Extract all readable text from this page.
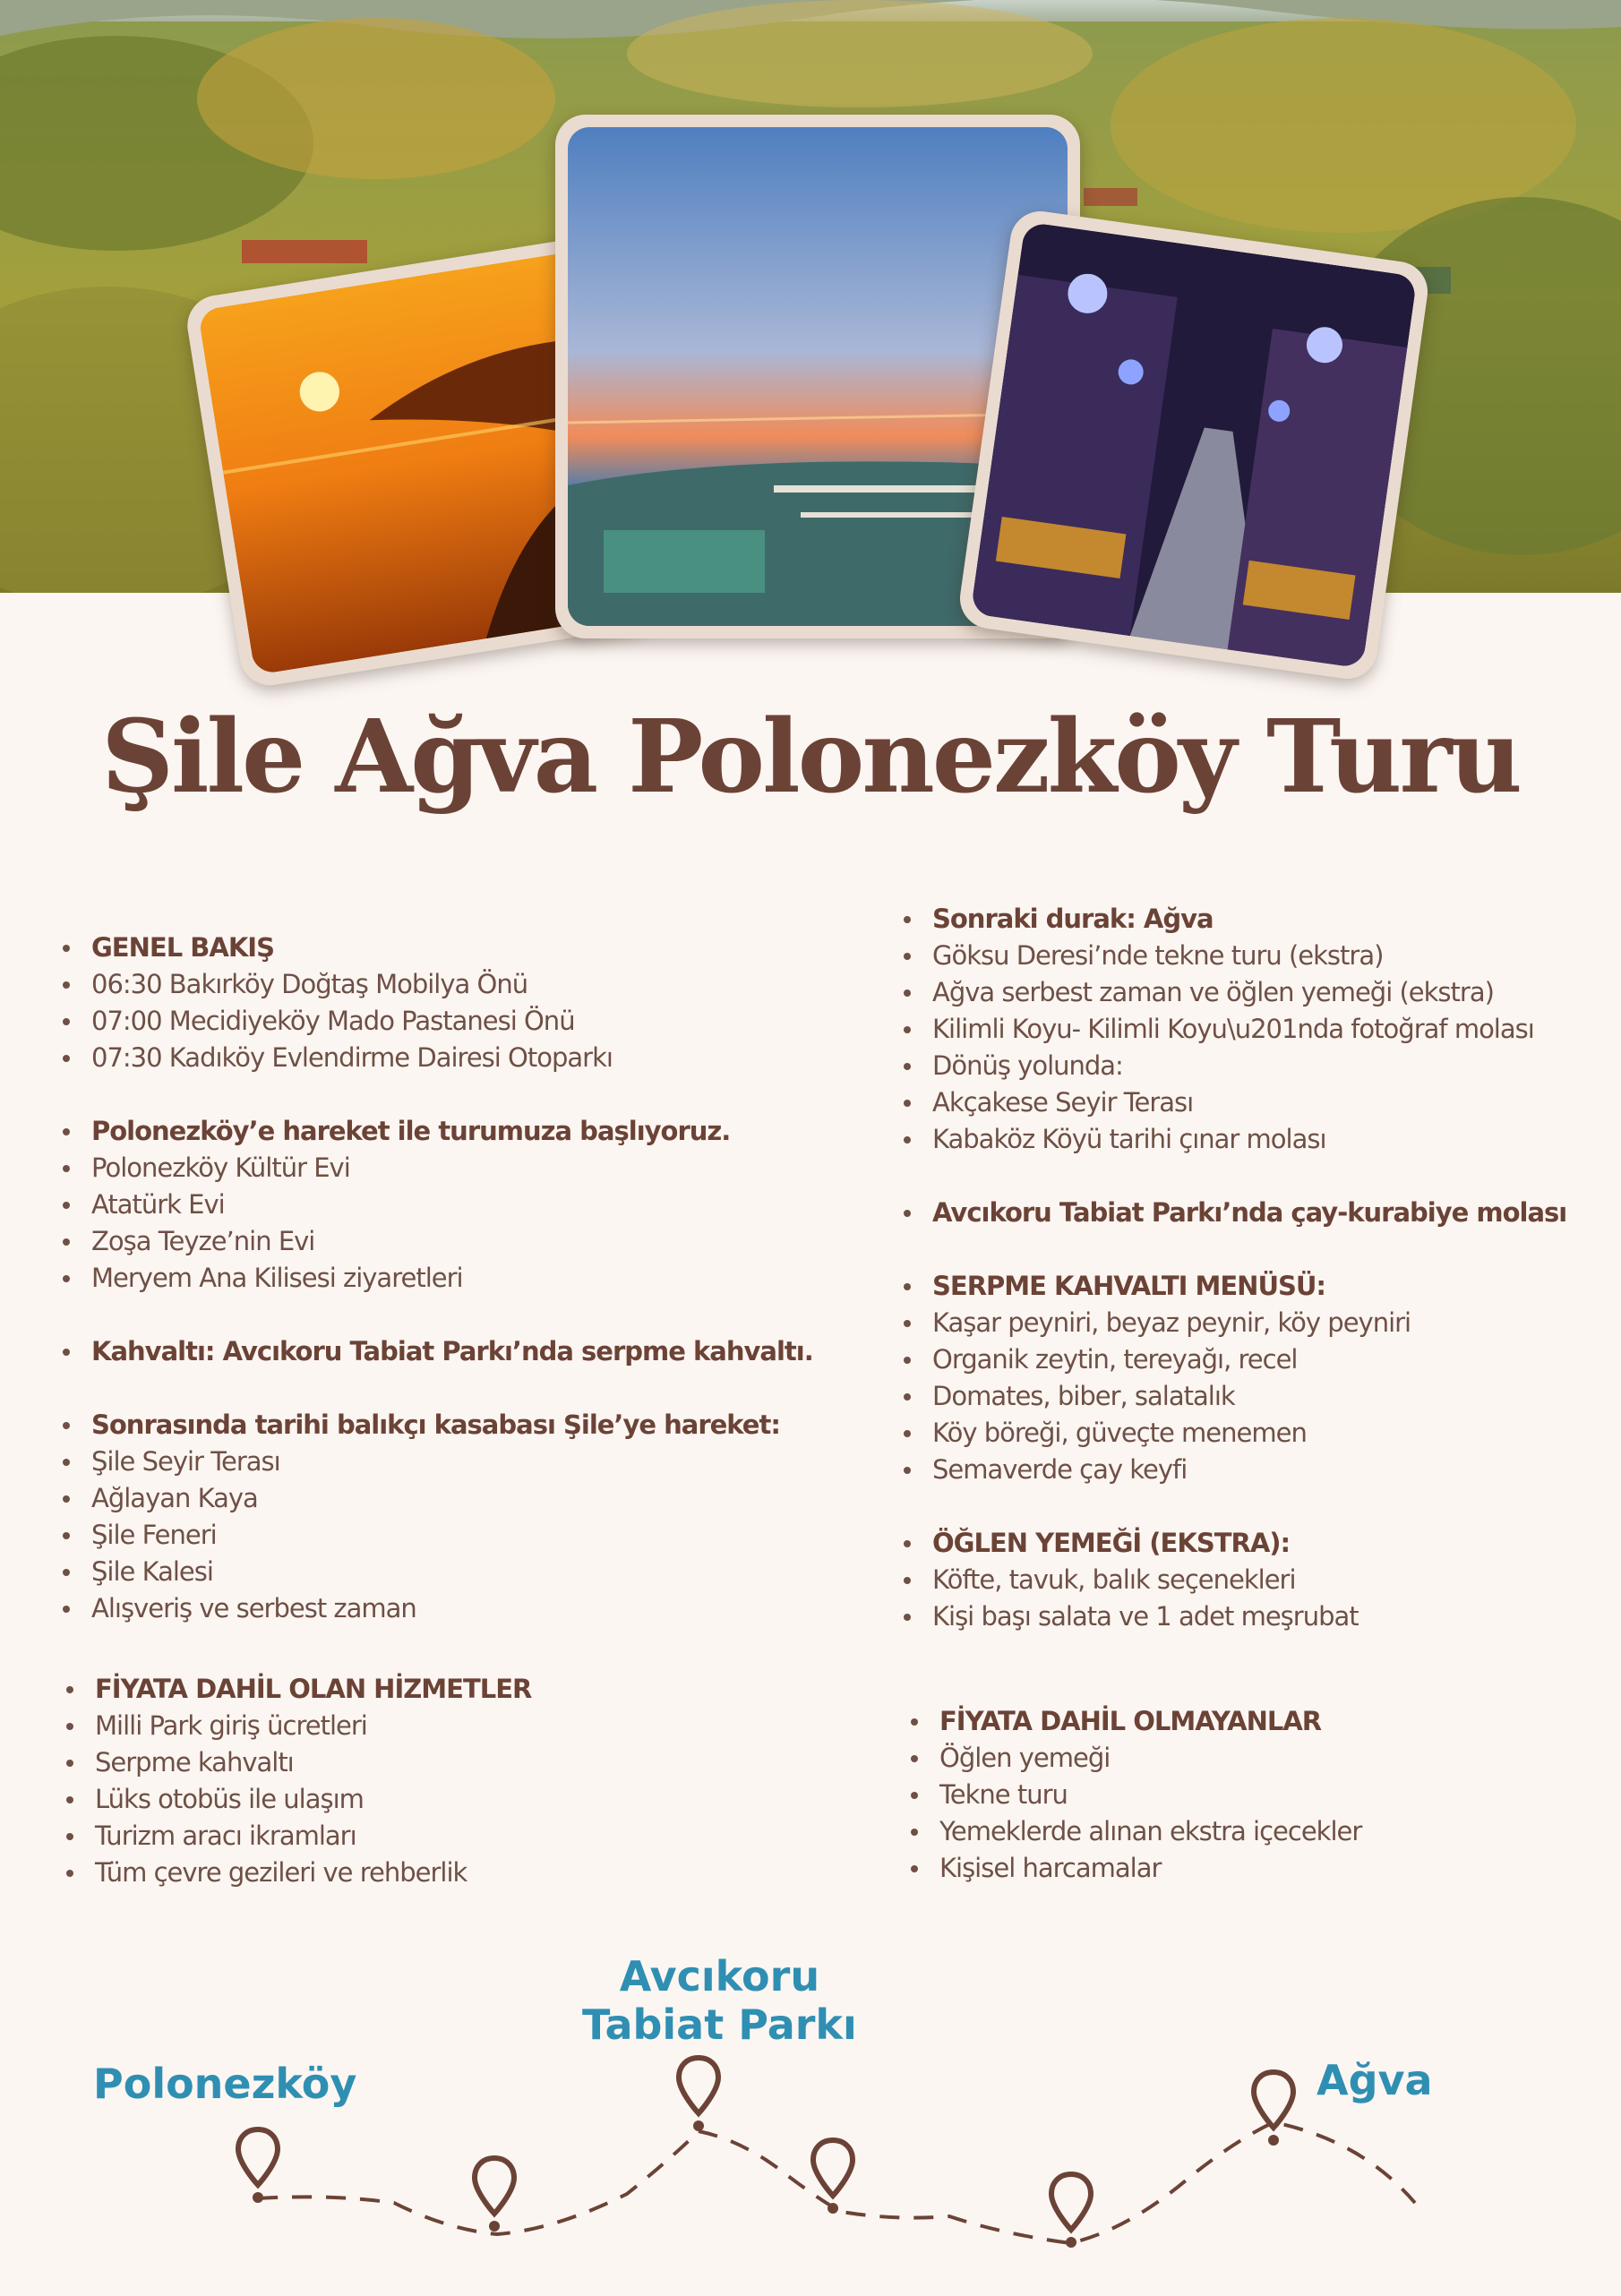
Şile Ağva Polonezköy Turu
GENEL BAKIŞ
06:30 Bakırköy Doğtaş Mobilya Önü
07:00 Mecidiyeköy Mado Pastanesi Önü
07:30 Kadıköy Evlendirme Dairesi Otoparkı
Polonezköy’e hareket ile turumuza başlıyoruz.
Polonezköy Kültür Evi
Atatürk Evi
Zoşa Teyze’nin Evi
Meryem Ana Kilisesi ziyaretleri
Kahvaltı: Avcıkoru Tabiat Parkı’nda serpme kahvaltı.
Sonrasında tarihi balıkçı kasabası Şile’ye hareket:
Şile Seyir Terası
Ağlayan Kaya
Şile Feneri
Şile Kalesi
Alışveriş ve serbest zaman
FİYATA DAHİL OLAN HİZMETLER
Milli Park giriş ücretleri
Serpme kahvaltı
Lüks otobüs ile ulaşım
Turizm aracı ikramları
Tüm çevre gezileri ve rehberlik
Sonraki durak: Ağva
Göksu Deresi’nde tekne turu (ekstra)
Ağva serbest zaman ve öğlen yemeği (ekstra)
Kilimli Koyu- Kilimli Koyu\u201nda fotoğraf molası
Dönüş yolunda:
Akçakese Seyir Terası
Kabaköz Köyü tarihi çınar molası
Avcıkoru Tabiat Parkı’nda çay-kurabiye molası
SERPME KAHVALTI MENÜSÜ:
Kaşar peyniri, beyaz peynir, köy peyniri
Organik zeytin, tereyağı, recel
Domates, biber, salatalık
Köy böreği, güveçte menemen
Semaverde çay keyfi
ÖĞLEN YEMEĞİ (EKSTRA):
Köfte, tavuk, balık seçenekleri
Kişi başı salata ve 1 adet meşrubat
FİYATA DAHİL OLMAYANLAR
Öğlen yemeği
Tekne turu
Yemeklerde alınan ekstra içecekler
Kişisel harcamalar
Polonezköy
Avcıkoru
Tabiat Parkı
Ağva
